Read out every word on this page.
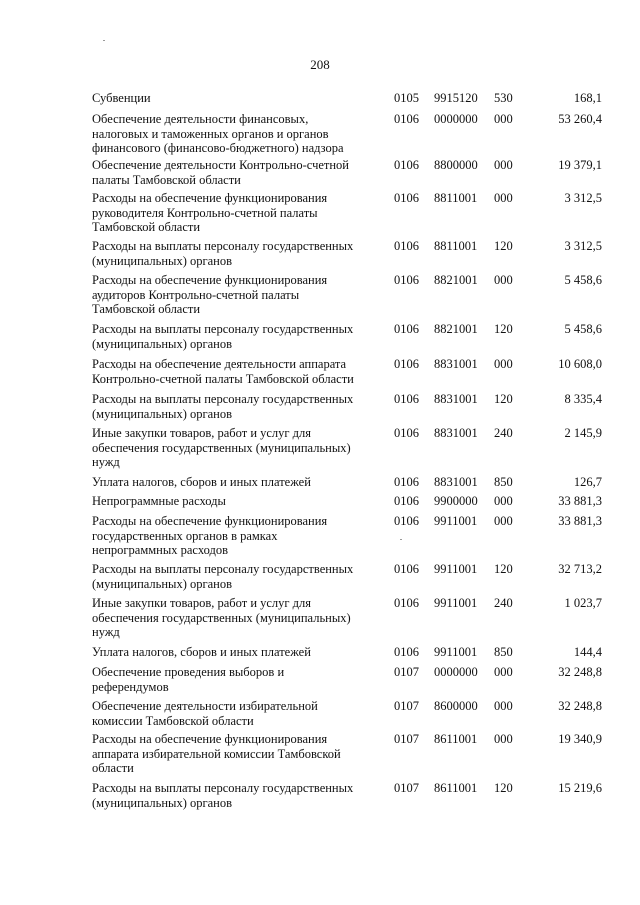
208
Субвенции	0105 9915120 530	168,1
Обеспечение деятельности финансовых,
налоговых и таможенных органов и органов
финансового (финансово-бюджетного) надзора
0106 0000000 000	53 260,4
Обеспечение деятельности Контрольно-счетной
палаты Тамбовской области
0106 8800000 000	19 379,1
Расходы на обеспечение функционирования
руководителя Контрольно-счетной палаты
Тамбовской области
0106 8811001 000	3 312,5
Расходы на выплаты персоналу государственных
(муниципальных) органов
0106 8811001 120	3 312,5
Расходы на обеспечение функционирования
аудиторов Контрольно-счетной палаты
Тамбовской области
0106 8821001 000	5 458,6
Расходы на выплаты персоналу государственных
(муниципальных) органов
0106 8821001 120	5 458,6
Расходы на обеспечение деятельности аппарата
Контрольно-счетной палаты Тамбовской области
0106 8831001 000	10 608,0
Расходы на выплаты персоналу государственных
(муниципальных) органов
0106 8831001 120	8 335,4
Иные закупки товаров, работ и услуг для
обеспечения государственных (муниципальных)
нужд
0106 8831001 240	2 145,9
Уплата налогов, сборов и иных платежей	0106 8831001 850	126,7
Непрограммные расходы	0106 9900000 000	33 881,3
Расходы на обеспечение функционирования
государственных органов в рамках
непрограммных расходов
0106 9911001 000	33 881,3
Расходы на выплаты персоналу государственных
(муниципальных) органов
0106 9911001 120	32 713,2
Иные закупки товаров, работ и услуг для
обеспечения государственных (муниципальных)
нужд
0106 9911001 240	1 023,7
Уплата налогов, сборов и иных платежей	0106 9911001 850	144,4
Обеспечение проведения выборов и
референдумов
0107 0000000 000	32 248,8
Обеспечение деятельности избирательной
комиссии Тамбовской области
0107 8600000 000	32 248,8
Расходы на обеспечение функционирования
аппарата избирательной комиссии Тамбовской
области
0107 8611001 000	19 340,9
Расходы на выплаты персоналу государственных
(муниципальных) органов
0107 8611001 120	15 219,6
